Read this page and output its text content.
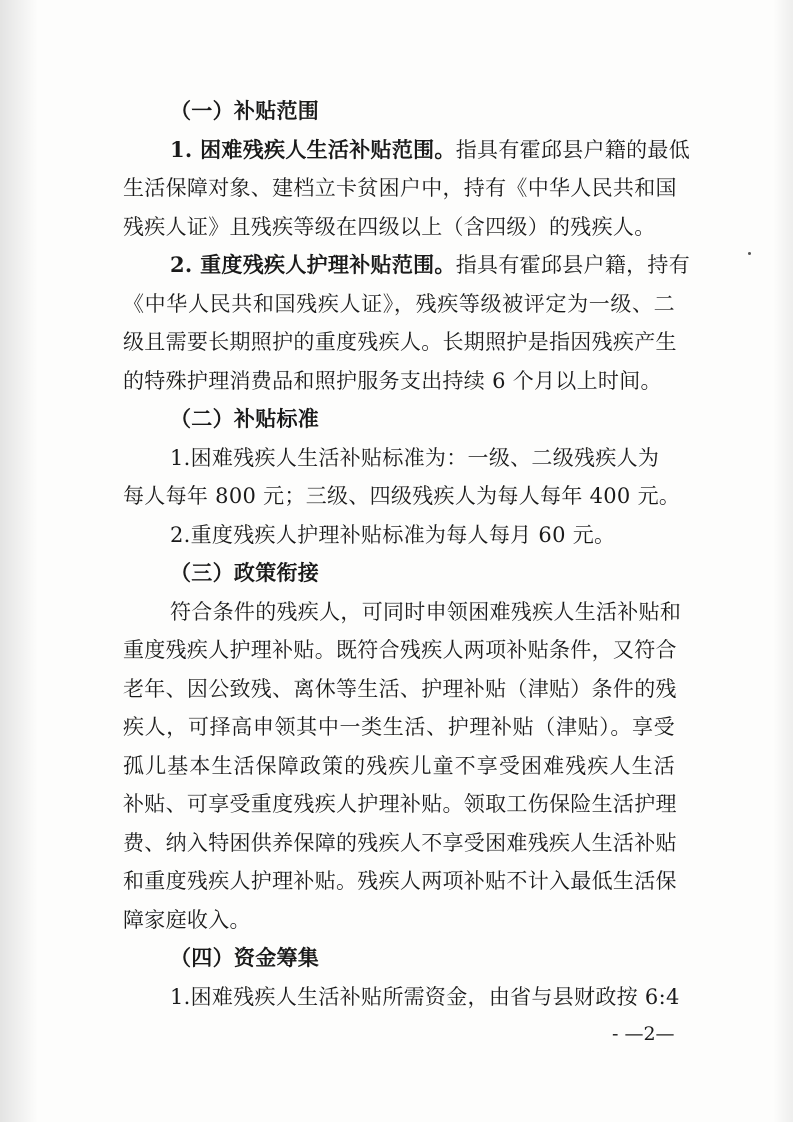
（一）补贴范围
1. 困难残疾人生活补贴范围。指具有霍邱县户籍的最低
生活保障对象、建档立卡贫困户中，持有《中华人民共和国
残疾人证》且残疾等级在四级以上（含四级）的残疾人。
2. 重度残疾人护理补贴范围。指具有霍邱县户籍，持有
《中华人民共和国残疾人证》，残疾等级被评定为一级、二
级且需要长期照护的重度残疾人。长期照护是指因残疾产生
的特殊护理消费品和照护服务支出持续 6 个月以上时间。
（二）补贴标准
1.困难残疾人生活补贴标准为：一级、二级残疾人为
每人每年 800 元；三级、四级残疾人为每人每年 400 元。
2.重度残疾人护理补贴标准为每人每月 60 元。
（三）政策衔接
符合条件的残疾人，可同时申领困难残疾人生活补贴和
重度残疾人护理补贴。既符合残疾人两项补贴条件，又符合
老年、因公致残、离休等生活、护理补贴（津贴）条件的残
疾人，可择高申领其中一类生活、护理补贴（津贴）。享受
孤儿基本生活保障政策的残疾儿童不享受困难残疾人生活
补贴、可享受重度残疾人护理补贴。领取工伤保险生活护理
费、纳入特困供养保障的残疾人不享受困难残疾人生活补贴
和重度残疾人护理补贴。残疾人两项补贴不计入最低生活保
障家庭收入。
（四）资金筹集
1.困难残疾人生活补贴所需资金，由省与县财政按 6:4
- —2—
